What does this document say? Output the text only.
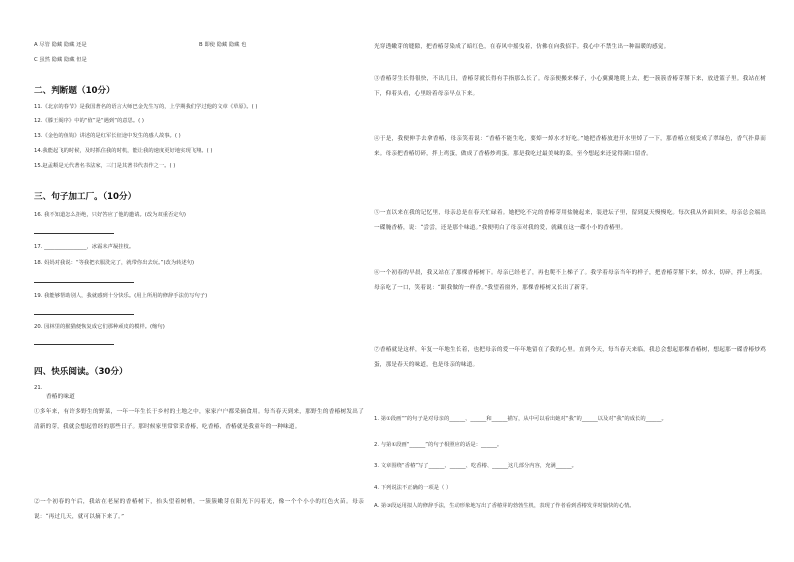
A 尽管 隐藏 隐藏 还是	B 即使 隐藏 隐藏 也
C 虽然 隐藏 隐藏 但是
二、判断题（10分）
11.《北京的春节》是我国著名的语言大师巴金先生写的，上学期我们学过他的文章《草原》。( )
12.《滕王阁序》中的“值”是“遇到”的意思。( )
13.《金色的鱼钩》讲述的是红军长征途中发生的感人故事。( )
14.我能起飞的时候，及时抓住我的时机，能让我的速度更好地实现飞翔。( )
15.赵孟頫是元代著名书法家，三门是其著书代表作之一。( )
三、句子加工厂。（10分）
16. 我不知道怎么拒绝，只好答应了他的邀请。(改为双重否定句)
17. ________________，冰霜未声凝挂枝。
18. 妈妈对我说：“等我把衣服洗完了，就带你出去玩。”(改为转述句)
19. 我能够帮助别人，我就感到十分快乐。(用上所用的修辞手法仿写句子)
20. 园林里的猴猫便恢复成它们那种顽皮的模样。(缩句)
四、快乐阅读。（30分）
21.
香椿的味道
①多年来，有许多野生的野菜，一年一年生长于乡村的土地之中，家家户户都采摘食用。每当春天到来，那野生的香椿树发出了清新的芽，我就会想起曾经的那些日子。那时候家里常常采香椿，吃香椿，香椿就是我童年的一种味道。
②一个初春的午后，我站在老屋的香椿树下，抬头望着树梢，一簇簇嫩芽在阳光下闪着光，像一个个小小的红色火苗。母亲说：“再过几天，就可以摘下来了。”
光穿透嫩芽的缝隙，把香椿芽染成了暗红色，在春风中摇曳着，仿佛在向我招手。我心中不禁生出一种温暖的感觉。
③香椿芽生长得很快，不出几日，香椿芽就长得有手指那么长了。母亲便搬来梯子，小心翼翼地爬上去，把一簇簇香椿芽掰下来，放进篮子里。我站在树下，仰着头看，心里盼着母亲早点下来。
④于是，我便伸手去拿香椿，母亲笑着说：“香椿不能生吃，要焯一焯水才好吃。”她把香椿放进开水里焯了一下，那香椿立刻变成了翠绿色，香气扑鼻而来。母亲把香椿切碎，拌上鸡蛋，做成了香椿炒鸡蛋。那是我吃过最美味的菜，至今想起来还觉得满口留香。
⑤一直以来在我的记忆里，母亲总是在春天忙碌着。她把吃不完的香椿芽用盐腌起来，装进坛子里，留到夏天慢慢吃。每次我从外面回来，母亲总会端出一碟腌香椿，说：“尝尝，还是那个味道。”我便明白了母亲对我的爱，就藏在这一碟小小的香椿里。
⑥一个初春的早晨，我又站在了那棵香椿树下。母亲已经老了，再也爬不上梯子了。我学着母亲当年的样子，把香椿芽掰下来，焯水，切碎，拌上鸡蛋。母亲吃了一口，笑着说：“跟我做的一样香。”我望着窗外，那棵香椿树又长出了新芽。
⑦香椿就是这样，年复一年地生长着，也把母亲的爱一年年地留在了我的心里。直到今天，每当春天来临，我总会想起那棵香椿树，想起那一碟香椿炒鸡蛋，那是春天的味道，也是母亲的味道。
1. 第①段画“”的句子是对母亲的______、______和______描写，从中可以看出她对“我”的______以及对“我”的成长的______。
2. 与第①段画“______”的句子相照应的话是：______。
3. 文章围绕“香椿”写了______、______、吃香椿、______这几部分内容，充满______。
4. 下列说法不正确的一项是（ ）
A. 第③段运用拟人的修辞手法，生动形象地写出了香椿芽的勃勃生机，表现了作者看到香椿发芽时愉快的心情。
